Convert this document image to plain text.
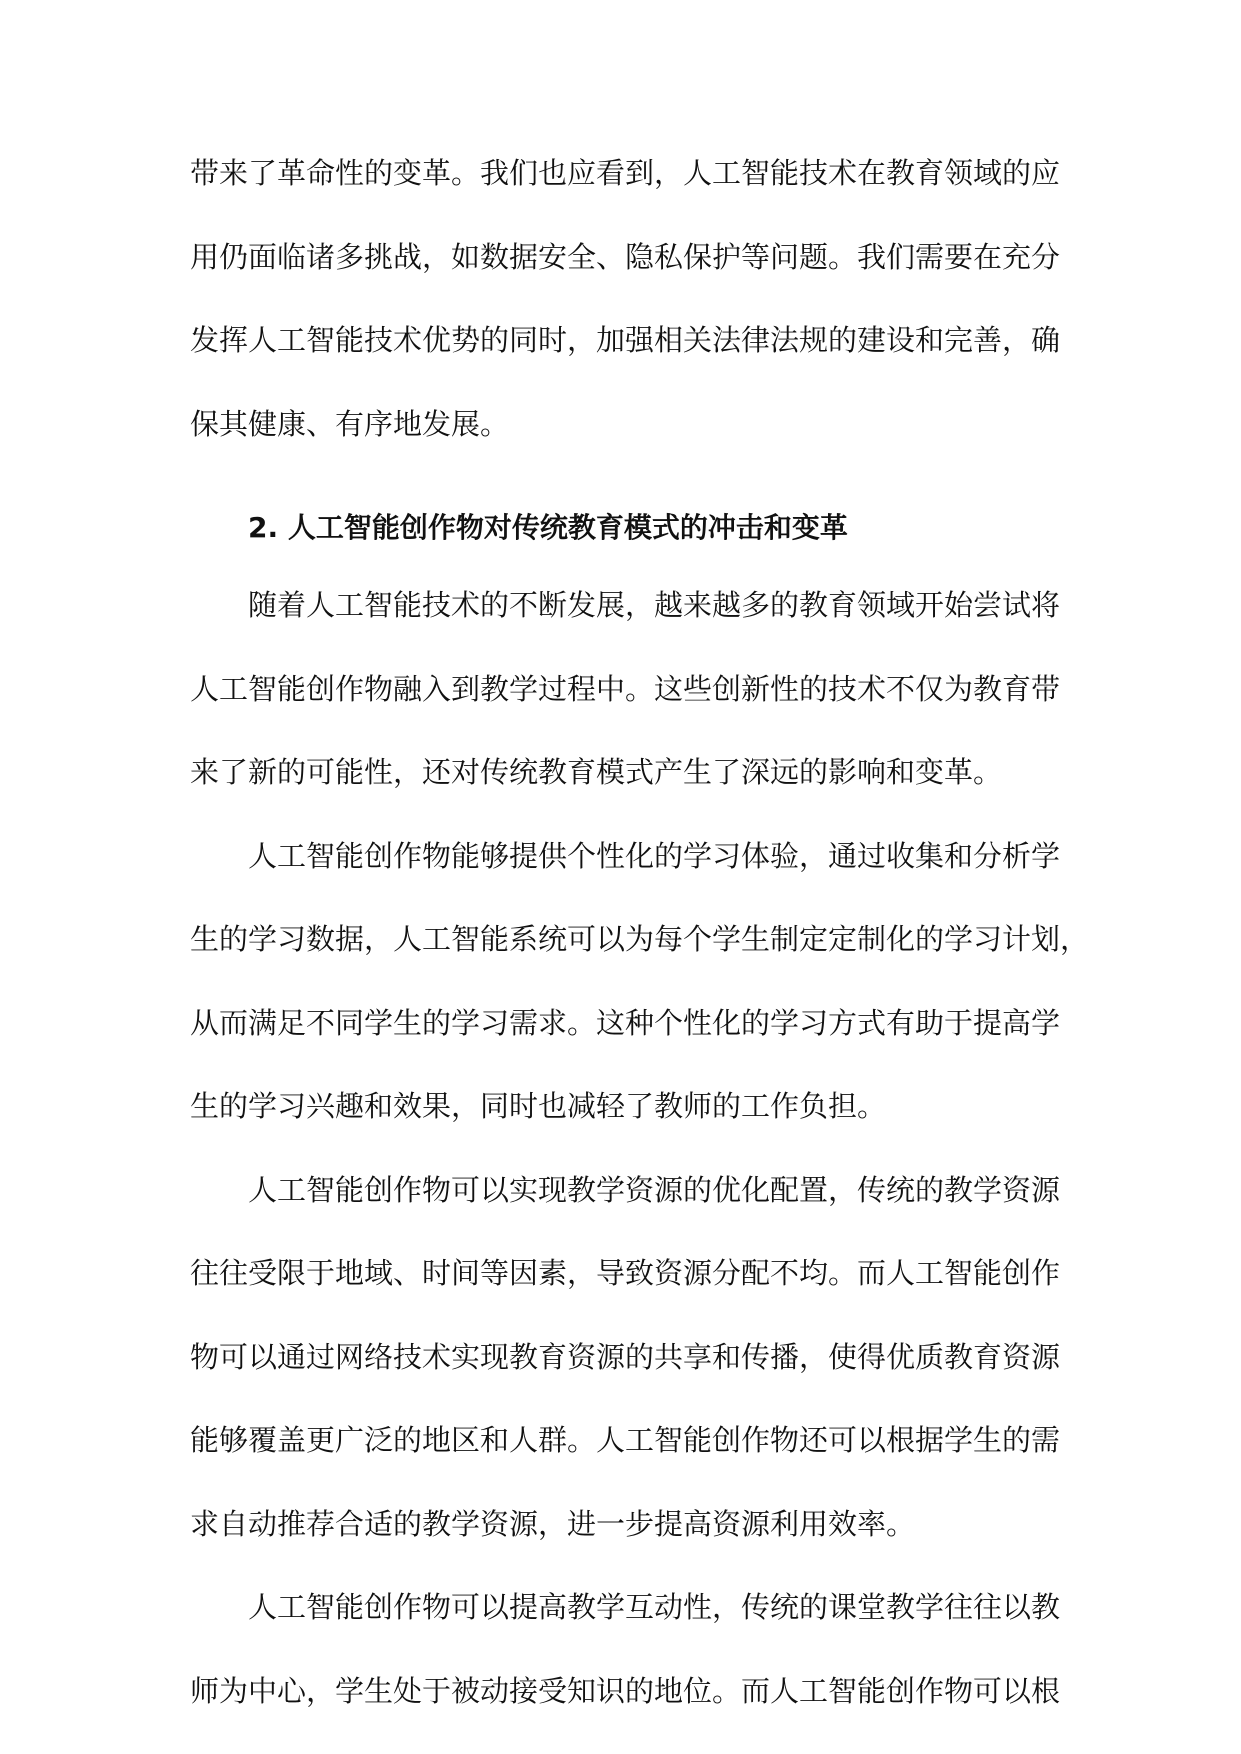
带来了革命性的变革。我们也应看到，人工智能技术在教育领域的应
用仍面临诸多挑战，如数据安全、隐私保护等问题。我们需要在充分
发挥人工智能技术优势的同时，加强相关法律法规的建设和完善，确
保其健康、有序地发展。
2. 人工智能创作物对传统教育模式的冲击和变革
随着人工智能技术的不断发展，越来越多的教育领域开始尝试将
人工智能创作物融入到教学过程中。这些创新性的技术不仅为教育带
来了新的可能性，还对传统教育模式产生了深远的影响和变革。
人工智能创作物能够提供个性化的学习体验，通过收集和分析学
生的学习数据，人工智能系统可以为每个学生制定定制化的学习计划，
从而满足不同学生的学习需求。这种个性化的学习方式有助于提高学
生的学习兴趣和效果，同时也减轻了教师的工作负担。
人工智能创作物可以实现教学资源的优化配置，传统的教学资源
往往受限于地域、时间等因素，导致资源分配不均。而人工智能创作
物可以通过网络技术实现教育资源的共享和传播，使得优质教育资源
能够覆盖更广泛的地区和人群。人工智能创作物还可以根据学生的需
求自动推荐合适的教学资源，进一步提高资源利用效率。
人工智能创作物可以提高教学互动性，传统的课堂教学往往以教
师为中心，学生处于被动接受知识的地位。而人工智能创作物可以根
